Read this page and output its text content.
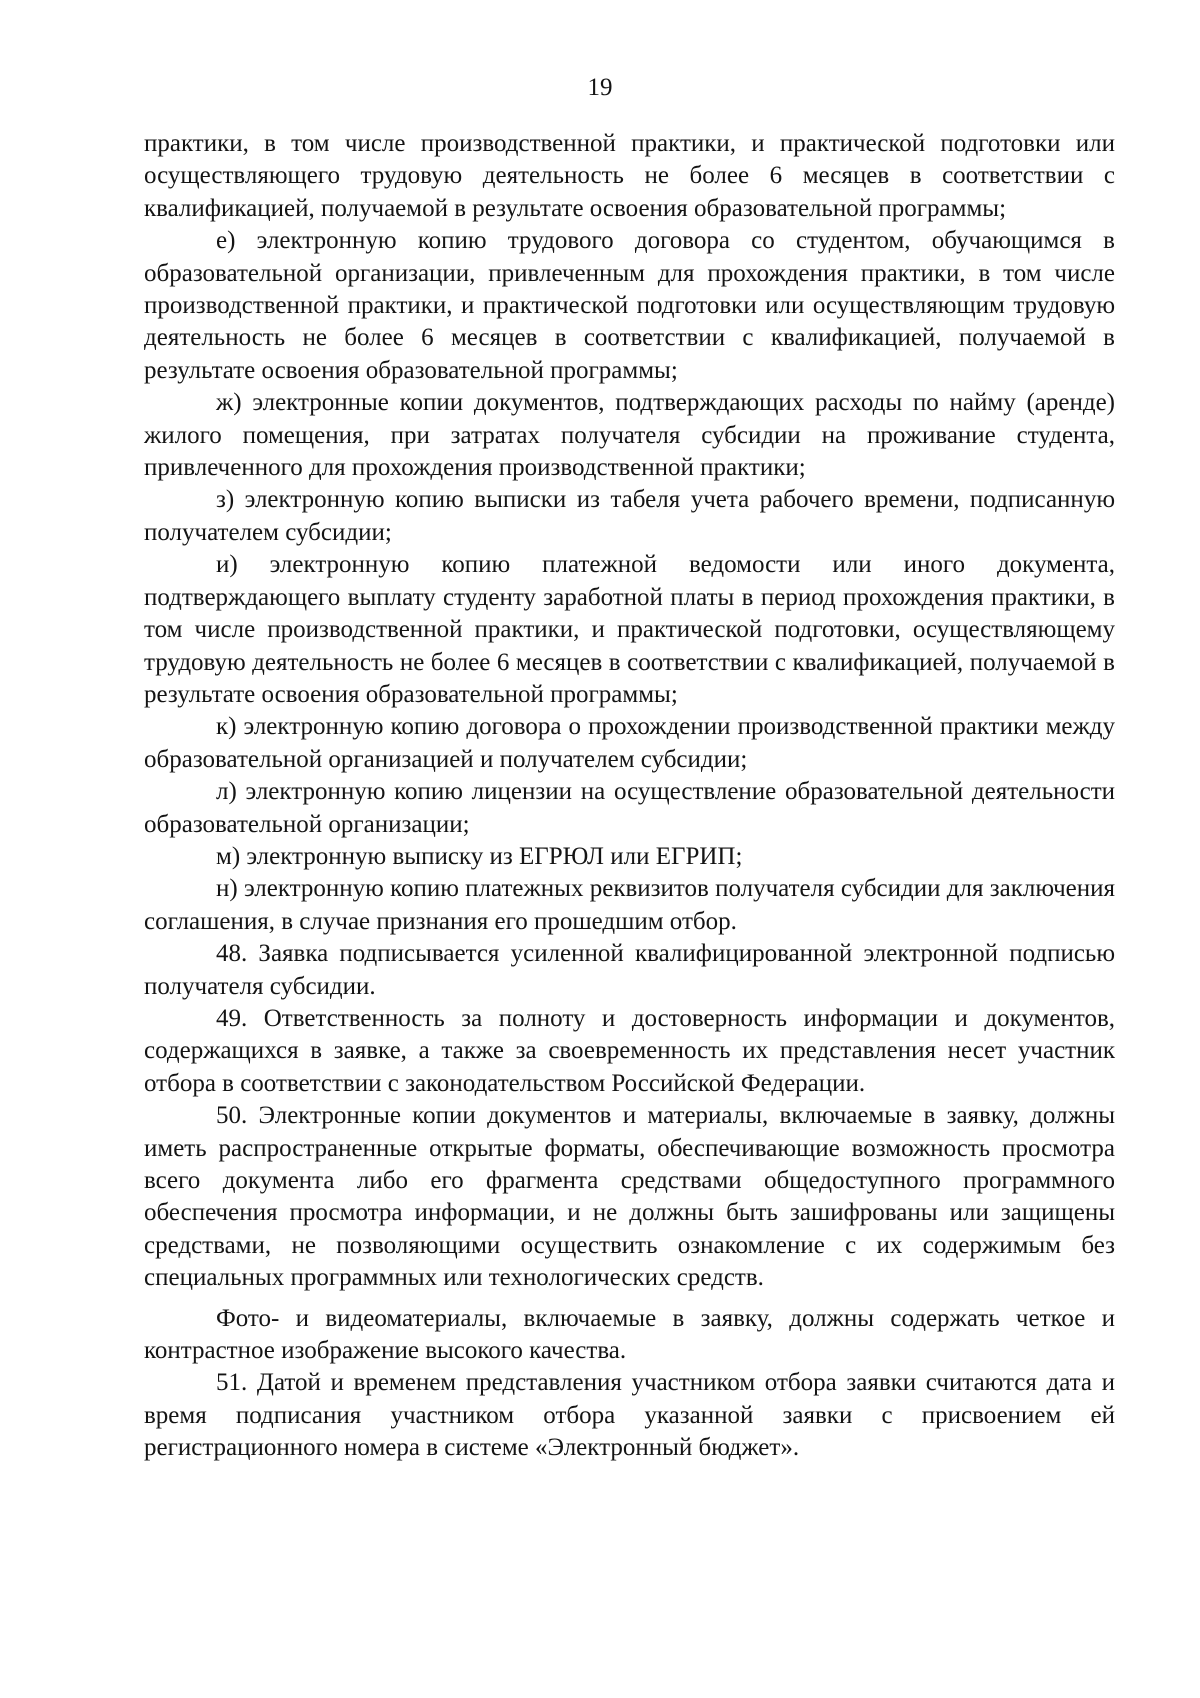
19

практики, в том числе производственной практики, и практической подготовки или осуществляющего трудовую деятельность не более 6 месяцев в соответствии с квалификацией, получаемой в результате освоения образовательной программы;

е) электронную копию трудового договора со студентом, обучающимся в образовательной организации, привлеченным для прохождения практики, в том числе производственной практики, и практической подготовки или осуществляющим трудовую деятельность не более 6 месяцев в соответствии с квалификацией, получаемой в результате освоения образовательной программы;

ж) электронные копии документов, подтверждающих расходы по найму (аренде) жилого помещения, при затратах получателя субсидии на проживание студента, привлеченного для прохождения производственной практики;

з) электронную копию выписки из табеля учета рабочего времени, подписанную получателем субсидии;

и) электронную копию платежной ведомости или иного документа, подтверждающего выплату студенту заработной платы в период прохождения практики, в том числе производственной практики, и практической подготовки, осуществляющему трудовую деятельность не более 6 месяцев в соответствии с квалификацией, получаемой в результате освоения образовательной программы;

к) электронную копию договора о прохождении производственной практики между образовательной организацией и получателем субсидии;

л) электронную копию лицензии на осуществление образовательной деятельности образовательной организации;

м) электронную выписку из ЕГРЮЛ или ЕГРИП;

н) электронную копию платежных реквизитов получателя субсидии для заключения соглашения, в случае признания его прошедшим отбор.

48. Заявка подписывается усиленной квалифицированной электронной подписью получателя субсидии.

49. Ответственность за полноту и достоверность информации и документов, содержащихся в заявке, а также за своевременность их представления несет участник отбора в соответствии с законодательством Российской Федерации.

50. Электронные копии документов и материалы, включаемые в заявку, должны иметь распространенные открытые форматы, обеспечивающие возможность просмотра всего документа либо его фрагмента средствами общедоступного программного обеспечения просмотра информации, и не должны быть зашифрованы или защищены средствами, не позволяющими осуществить ознакомление с их содержимым без специальных программных или технологических средств.

Фото- и видеоматериалы, включаемые в заявку, должны содержать четкое и контрастное изображение высокого качества.

51. Датой и временем представления участником отбора заявки считаются дата и время подписания участником отбора указанной заявки с присвоением ей регистрационного номера в системе «Электронный бюджет».
